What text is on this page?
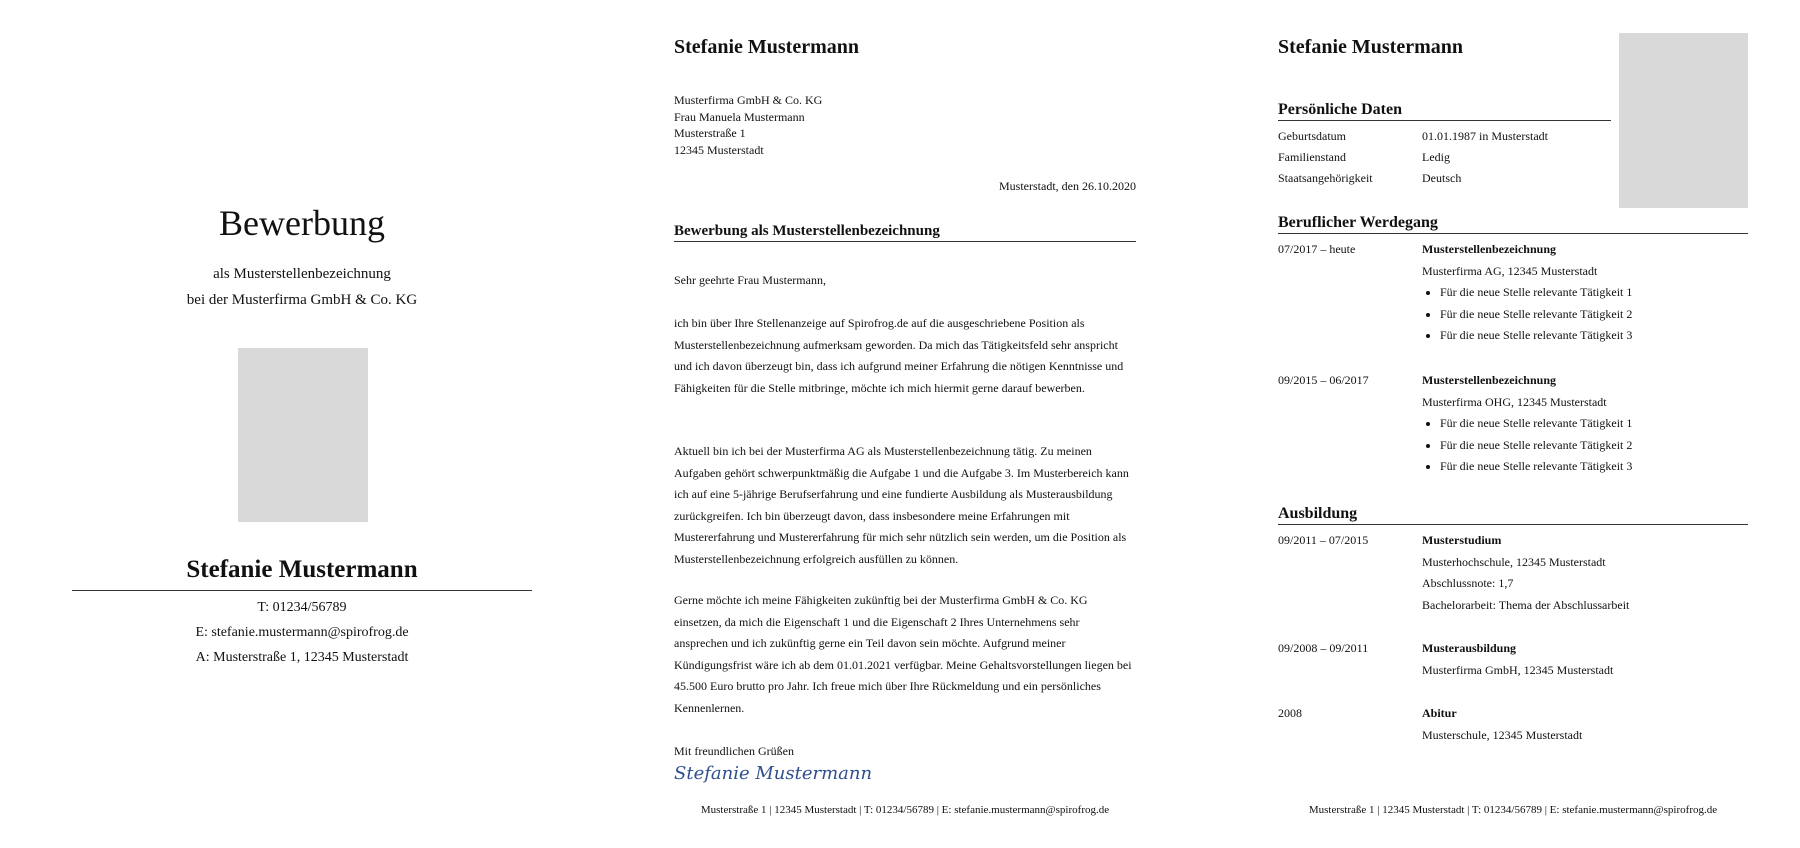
Bewerbung
als Musterstellenbezeichnung
bei der Musterfirma GmbH & Co. KG
Stefanie Mustermann
T: 01234/56789
E: stefanie.mustermann@spirofrog.de
A: Musterstraße 1, 12345 Musterstadt
Stefanie Mustermann
Musterfirma GmbH & Co. KG
Frau Manuela Mustermann
Musterstraße 1
12345 Musterstadt
Musterstadt, den 26.10.2020
Bewerbung als Musterstellenbezeichnung
Sehr geehrte Frau Mustermann,
ich bin über Ihre Stellenanzeige auf Spirofrog.de auf die ausgeschriebene Position als Musterstellenbezeichnung aufmerksam geworden. Da mich das Tätigkeitsfeld sehr anspricht und ich davon überzeugt bin, dass ich aufgrund meiner Erfahrung die nötigen Kenntnisse und Fähigkeiten für die Stelle mitbringe, möchte ich mich hiermit gerne darauf bewerben.
Aktuell bin ich bei der Musterfirma AG als Musterstellenbezeichnung tätig. Zu meinen Aufgaben gehört schwerpunktmäßig die Aufgabe 1 und die Aufgabe 3. Im Musterbereich kann ich auf eine 5-jährige Berufserfahrung und eine fundierte Ausbildung als Musterausbildung zurückgreifen. Ich bin überzeugt davon, dass insbesondere meine Erfahrungen mit Mustererfahrung und Mustererfahrung für mich sehr nützlich sein werden, um die Position als Musterstellenbezeichnung erfolgreich ausfüllen zu können.
Gerne möchte ich meine Fähigkeiten zukünftig bei der Musterfirma GmbH & Co. KG einsetzen, da mich die Eigenschaft 1 und die Eigenschaft 2 Ihres Unternehmens sehr ansprechen und ich zukünftig gerne ein Teil davon sein möchte. Aufgrund meiner Kündigungsfrist wäre ich ab dem 01.01.2021 verfügbar. Meine Gehaltsvorstellungen liegen bei 45.500 Euro brutto pro Jahr. Ich freue mich über Ihre Rückmeldung und ein persönliches Kennenlernen.
Mit freundlichen Grüßen
Stefanie Mustermann
Musterstraße 1 | 12345 Musterstadt | T: 01234/56789 | E: stefanie.mustermann@spirofrog.de
Stefanie Mustermann
Persönliche Daten
Geburtsdatum	01.01.1987 in Musterstadt
Familienstand	Ledig
Staatsangehörigkeit	Deutsch
Beruflicher Werdegang
07/2017 – heute	Musterstellenbezeichnung
Musterfirma AG, 12345 Musterstadt
• Für die neue Stelle relevante Tätigkeit 1
• Für die neue Stelle relevante Tätigkeit 2
• Für die neue Stelle relevante Tätigkeit 3
09/2015 – 06/2017	Musterstellenbezeichnung
Musterfirma OHG, 12345 Musterstadt
• Für die neue Stelle relevante Tätigkeit 1
• Für die neue Stelle relevante Tätigkeit 2
• Für die neue Stelle relevante Tätigkeit 3
Ausbildung
09/2011 – 07/2015	Musterstudium
Musterhochschule, 12345 Musterstadt
Abschlussnote: 1,7
Bachelorarbeit: Thema der Abschlussarbeit
09/2008 – 09/2011	Musterausbildung
Musterfirma GmbH, 12345 Musterstadt
2008	Abitur
Musterschule, 12345 Musterstadt
Musterstraße 1 | 12345 Musterstadt | T: 01234/56789 | E: stefanie.mustermann@spirofrog.de
